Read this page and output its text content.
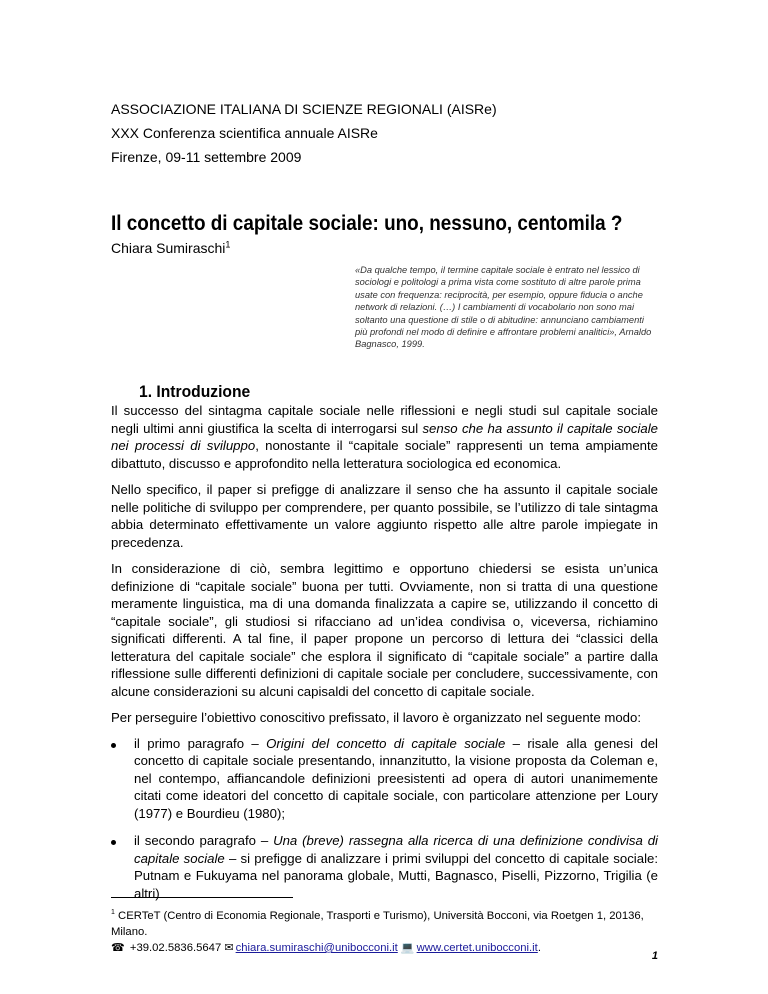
ASSOCIAZIONE ITALIANA DI SCIENZE REGIONALI (AISRe)
XXX Conferenza scientifica annuale AISRe
Firenze, 09-11 settembre 2009
Il concetto di capitale sociale: uno, nessuno, centomila ?
Chiara Sumiraschi$^1$
«Da qualche tempo, il termine capitale sociale è entrato nel lessico di sociologi e politologi a prima vista come sostituto di altre parole prima usate con frequenza: reciprocità, per esempio, oppure fiducia o anche network di relazioni. (…) I cambiamenti di vocabolario non sono mai soltanto una questione di stile o di abitudine: annunciano cambiamenti più profondi nel modo di definire e affrontare problemi analitici», Arnaldo Bagnasco, 1999.
1. Introduzione

Il successo del sintagma capitale sociale nelle riflessioni e negli studi sul capitale sociale negli ultimi anni giustifica la scelta di interrogarsi sul senso che ha assunto il capitale sociale nei processi di sviluppo, nonostante il “capitale sociale” rappresenti un tema ampiamente dibattuto, discusso e approfondito nella letteratura sociologica ed economica.

Nello specifico, il paper si prefigge di analizzare il senso che ha assunto il capitale sociale nelle politiche di sviluppo per comprendere, per quanto possibile, se l’utilizzo di tale sintagma abbia determinato effettivamente un valore aggiunto rispetto alle altre parole impiegate in precedenza.

In considerazione di ciò, sembra legittimo e opportuno chiedersi se esista un’unica definizione di “capitale sociale” buona per tutti. Ovviamente, non si tratta di una questione meramente linguistica, ma di una domanda finalizzata a capire se, utilizzando il concetto di “capitale sociale”, gli studiosi si rifacciano ad un’idea condivisa o, viceversa, richiamino significati differenti. A tal fine, il paper propone un percorso di lettura dei “classici della letteratura del capitale sociale” che esplora il significato di “capitale sociale” a partire dalla riflessione sulle differenti definizioni di capitale sociale per concludere, successivamente, con alcune considerazioni su alcuni capisaldi del concetto di capitale sociale.

Per perseguire l’obiettivo conoscitivo prefissato, il lavoro è organizzato nel seguente modo:

il primo paragrafo – Origini del concetto di capitale sociale – risale alla genesi del concetto di capitale sociale presentando, innanzitutto, la visione proposta da Coleman e, nel contempo, affiancandole definizioni preesistenti ad opera di autori unanimemente citati come ideatori del concetto di capitale sociale, con particolare attenzione per Loury (1977) e Bourdieu (1980);
il secondo paragrafo – Una (breve) rassegna alla ricerca di una definizione condivisa di capitale sociale – si prefigge di analizzare i primi sviluppi del concetto di capitale sociale: Putnam e Fukuyama nel panorama globale, Mutti, Bagnasco, Piselli, Pizzorno, Trigilia (e altri)
$^1$ CERTeT (Centro di Economia Regionale, Trasporti e Turismo), Università Bocconi, via Roetgen 1, 20136, Milano.
☎ +39.02.5836.5647 ✉ chiara.sumiraschi@unibocconi.it 💻 www.certet.unibocconi.it.
1
